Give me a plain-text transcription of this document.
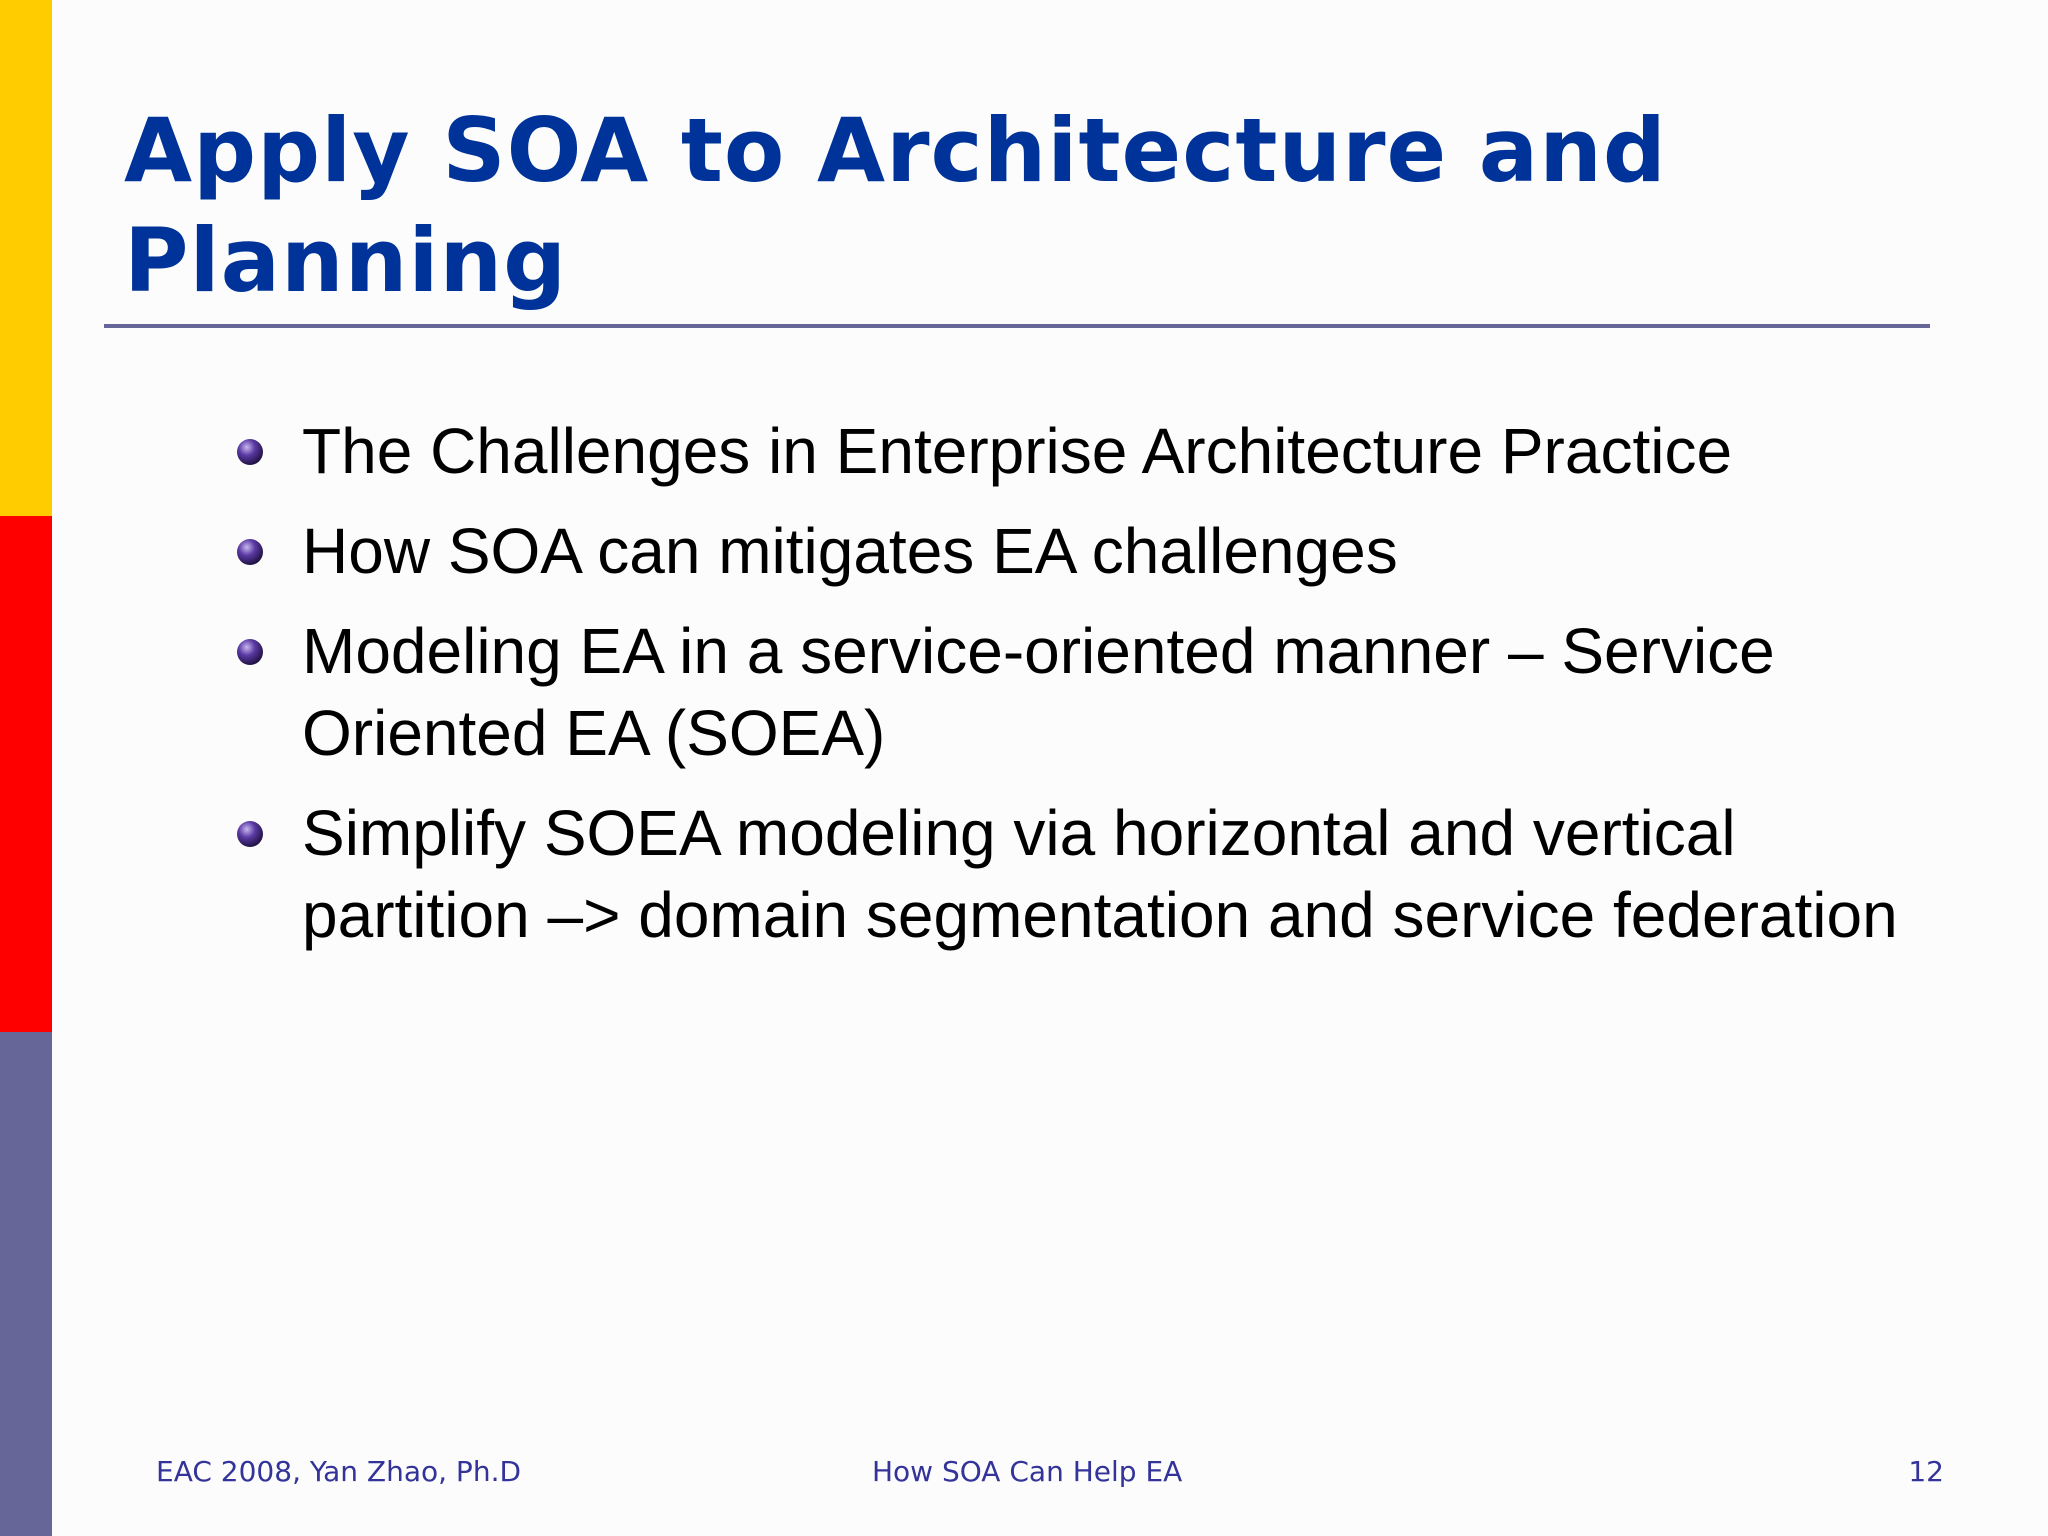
Apply SOA to Architecture and Planning
The Challenges in Enterprise Architecture Practice
How SOA can mitigates EA challenges
Modeling EA in a service-oriented manner – Service Oriented EA (SOEA)
Simplify SOEA modeling via horizontal and vertical partition –> domain segmentation and service federation
EAC 2008, Yan Zhao, Ph.D	How SOA Can Help EA	12
